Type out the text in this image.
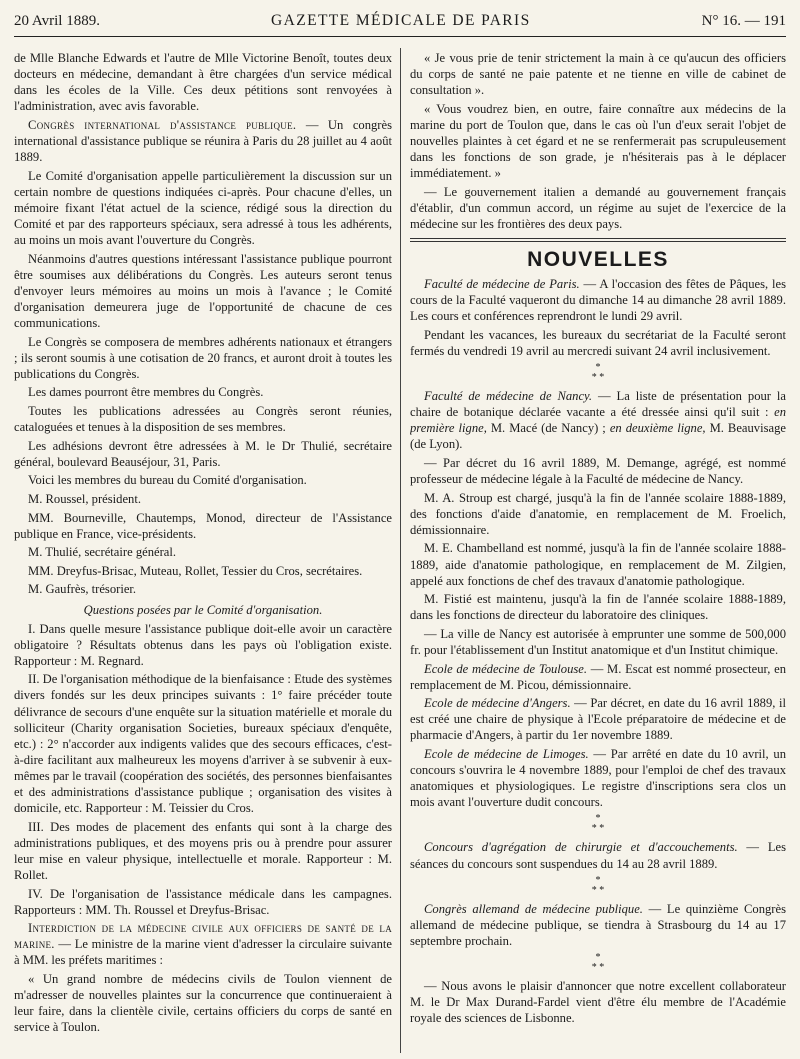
20 Avril 1889.	GAZETTE MÉDICALE DE PARIS	N° 16. — 191

de Mlle Blanche Edwards et l'autre de Mlle Victorine Benoît, toutes deux docteurs en médecine, demandant à être chargées d'un service médical dans les écoles de la Ville. Ces deux pétitions sont renvoyées à l'administration, avec avis favorable.

Congrès international d'assistance publique. — Un congrès international d'assistance publique se réunira à Paris du 28 juillet au 4 août 1889.

Le Comité d'organisation appelle particulièrement la discussion sur un certain nombre de questions indiquées ci-après. Pour chacune d'elles, un mémoire fixant l'état actuel de la science, rédigé sous la direction du Comité et par des rapporteurs spéciaux, sera adressé à tous les adhérents, au moins un mois avant l'ouverture du Congrès.

Néanmoins d'autres questions intéressant l'assistance publique pourront être soumises aux délibérations du Congrès. Les auteurs seront tenus d'envoyer leurs mémoires au moins un mois à l'avance ; le Comité d'organisation demeurera juge de l'opportunité de chacune de ces communications.

Le Congrès se composera de membres adhérents nationaux et étrangers ; ils seront soumis à une cotisation de 20 francs, et auront droit à toutes les publications du Congrès.

Les dames pourront être membres du Congrès.

Toutes les publications adressées au Congrès seront réunies, cataloguées et tenues à la disposition de ses membres.

Les adhésions devront être adressées à M. le Dr Thulié, secrétaire général, boulevard Beauséjour, 31, Paris.

Voici les membres du bureau du Comité d'organisation.

M. Roussel, président.

MM. Bourneville, Chautemps, Monod, directeur de l'Assistance publique en France, vice-présidents.

M. Thulié, secrétaire général.

MM. Dreyfus-Brisac, Muteau, Rollet, Tessier du Cros, secrétaires.

M. Gaufrès, trésorier.

Questions posées par le Comité d'organisation.

I. Dans quelle mesure l'assistance publique doit-elle avoir un caractère obligatoire ? Résultats obtenus dans les pays où l'obligation existe. Rapporteur : M. Regnard.

II. De l'organisation méthodique de la bienfaisance : Etude des systèmes divers fondés sur les deux principes suivants : 1° faire précéder toute délivrance de secours d'une enquête sur la situation matérielle et morale du solliciteur (Charity organisation Societies, bureaux spéciaux d'enquête, etc.) : 2° n'accorder aux indigents valides que des secours efficaces, c'est-à-dire facilitant aux malheureux les moyens d'arriver à se subvenir à eux-mêmes par le travail (coopération des sociétés, des personnes bienfaisantes et des administrations d'assistance publique ; organisation des visites à domicile, etc. Rapporteur : M. Teissier du Cros.

III. Des modes de placement des enfants qui sont à la charge des administrations publiques, et des moyens pris ou à prendre pour assurer leur mise en valeur physique, intellectuelle et morale. Rapporteur : M. Rollet.

IV. De l'organisation de l'assistance médicale dans les campagnes. Rapporteurs : MM. Th. Roussel et Dreyfus-Brisac.

Interdiction de la médecine civile aux officiers de santé de la marine. — Le ministre de la marine vient d'adresser la circulaire suivante à MM. les préfets maritimes :

« Un grand nombre de médecins civils de Toulon viennent de m'adresser de nouvelles plaintes sur la concurrence que continueraient à leur faire, dans la clientèle civile, certains officiers du corps de santé en service à Toulon.

« Je vous prie de tenir strictement la main à ce qu'aucun des officiers du corps de santé ne paie patente et ne tienne en ville de cabinet de consultation ».

« Vous voudrez bien, en outre, faire connaître aux médecins de la marine du port de Toulon que, dans le cas où l'un d'eux serait l'objet de nouvelles plaintes à cet égard et ne se renfermerait pas scrupuleusement dans les fonctions de son grade, je n'hésiterais pas à le déplacer immédiatement. »

— Le gouvernement italien a demandé au gouvernement français d'établir, d'un commun accord, un régime au sujet de l'exercice de la médecine sur les frontières des deux pays.

NOUVELLES

Faculté de médecine de Paris. — A l'occasion des fêtes de Pâques, les cours de la Faculté vaqueront du dimanche 14 au dimanche 28 avril 1889. Les cours et conférences reprendront le lundi 29 avril.

Pendant les vacances, les bureaux du secrétariat de la Faculté seront fermés du vendredi 19 avril au mercredi suivant 24 avril inclusivement.

*
* *

Faculté de médecine de Nancy. — La liste de présentation pour la chaire de botanique déclarée vacante a été dressée ainsi qu'il suit : en première ligne, M. Macé (de Nancy) ; en deuxième ligne, M. Beauvisage (de Lyon).

— Par décret du 16 avril 1889, M. Demange, agrégé, est nommé professeur de médecine légale à la Faculté de médecine de Nancy.

M. A. Stroup est chargé, jusqu'à la fin de l'année scolaire 1888-1889, des fonctions d'aide d'anatomie, en remplacement de M. Froelich, démissionnaire.

M. E. Chambelland est nommé, jusqu'à la fin de l'année scolaire 1888-1889, aide d'anatomie pathologique, en remplacement de M. Zilgien, appelé aux fonctions de chef des travaux d'anatomie pathologique.

M. Fistié est maintenu, jusqu'à la fin de l'année scolaire 1888-1889, dans les fonctions de directeur du laboratoire des cliniques.

— La ville de Nancy est autorisée à emprunter une somme de 500,000 fr. pour l'établissement d'un Institut anatomique et d'un Institut chimique.

Ecole de médecine de Toulouse. — M. Escat est nommé prosecteur, en remplacement de M. Picou, démissionnaire.

Ecole de médecine d'Angers. — Par décret, en date du 16 avril 1889, il est créé une chaire de physique à l'Ecole préparatoire de médecine et de pharmacie d'Angers, à partir du 1er novembre 1889.

Ecole de médecine de Limoges. — Par arrêté en date du 10 avril, un concours s'ouvrira le 4 novembre 1889, pour l'emploi de chef des travaux anatomiques et physiologiques. Le registre d'inscriptions sera clos un mois avant l'ouverture dudit concours.

*
* *

Concours d'agrégation de chirurgie et d'accouchements. — Les séances du concours sont suspendues du 14 au 28 avril 1889.

*
* *

Congrès allemand de médecine publique. — Le quinzième Congrès allemand de médecine publique, se tiendra à Strasbourg du 14 au 17 septembre prochain.

*
* *

— Nous avons le plaisir d'annoncer que notre excellent collaborateur M. le Dr Max Durand-Fardel vient d'être élu membre de l'Académie royale des sciences de Lisbonne.
